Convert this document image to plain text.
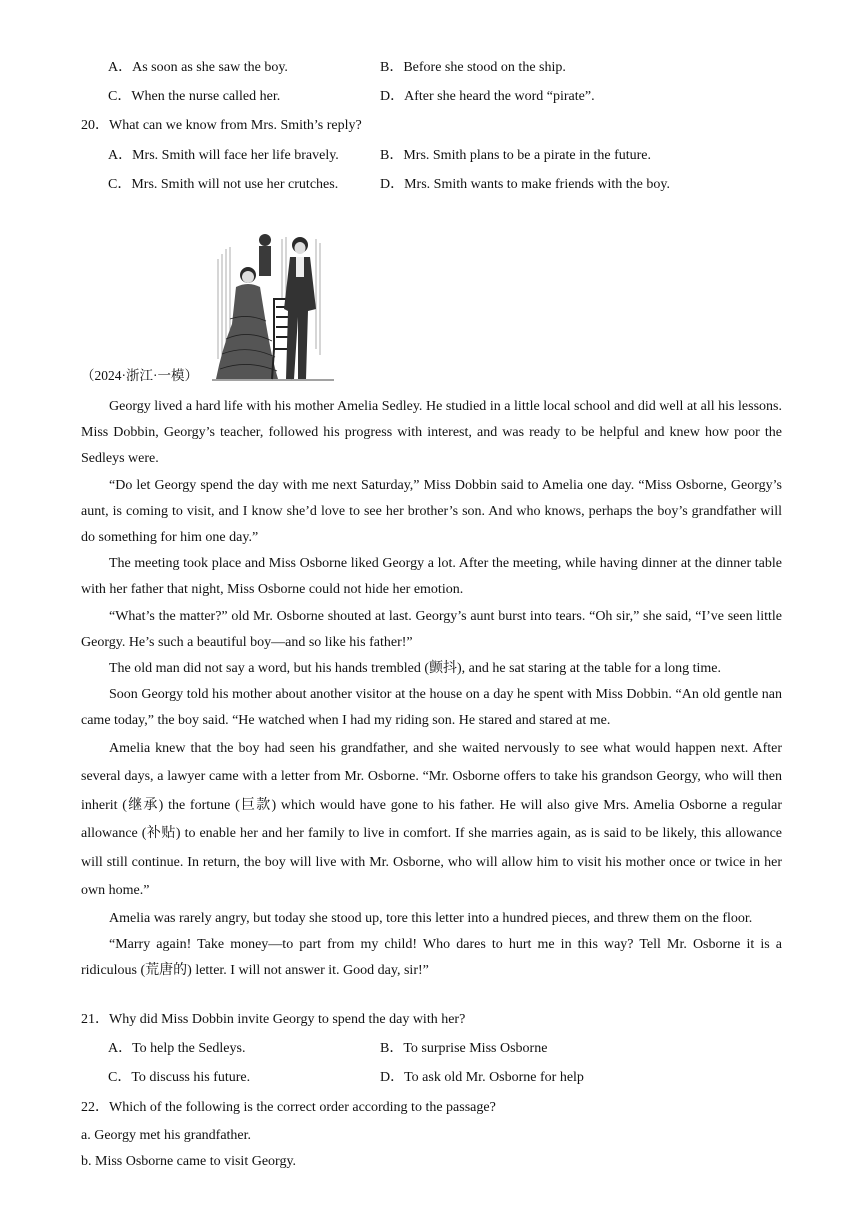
A．As soon as she saw the boy.	B．Before she stood on the ship.
C．When the nurse called her.	D．After she heard the word “pirate”.
20．What can we know from Mrs. Smith’s reply?
A．Mrs. Smith will face her life bravely.	B．Mrs. Smith plans to be a pirate in the future.
C．Mrs. Smith will not use her crutches.	D．Mrs. Smith wants to make friends with the boy.
（2024·浙江·一模）

Georgy lived a hard life with his mother Amelia Sedley. He studied in a little local school and did well at all his lessons. Miss Dobbin, Georgy’s teacher, followed his progress with interest, and was ready to be helpful and knew how poor the Sedleys were.

“Do let Georgy spend the day with me next Saturday,” Miss Dobbin said to Amelia one day. “Miss Osborne, Georgy’s aunt, is coming to visit, and I know she’d love to see her brother’s son. And who knows, perhaps the boy’s grandfather will do something for him one day.”

The meeting took place and Miss Osborne liked Georgy a lot. After the meeting, while having dinner at the dinner table with her father that night, Miss Osborne could not hide her emotion.

“What’s the matter?” old Mr. Osborne shouted at last. Georgy’s aunt burst into tears. “Oh sir,” she said, “I’ve seen little Georgy. He’s such a beautiful boy—and so like his father!”

The old man did not say a word, but his hands trembled (颤抖), and he sat staring at the table for a long time.

Soon Georgy told his mother about another visitor at the house on a day he spent with Miss Dobbin. “An old gentle nan came today,” the boy said. “He watched when I had my riding son. He stared and stared at me.

Amelia knew that the boy had seen his grandfather, and she waited nervously to see what would happen next. After several days, a lawyer came with a letter from Mr. Osborne. “Mr. Osborne offers to take his grandson Georgy, who will then inherit (继承) the fortune (巨款) which would have gone to his father. He will also give Mrs. Amelia Osborne a regular allowance (补贴) to enable her and her family to live in comfort. If she marries again, as is said to be likely, this allowance will still continue. In return, the boy will live with Mr. Osborne, who will allow him to visit his mother once or twice in her own home.”

Amelia was rarely angry, but today she stood up, tore this letter into a hundred pieces, and threw them on the floor.

“Marry again! Take money—to part from my child! Who dares to hurt me in this way? Tell Mr. Osborne it is a ridiculous (荒唐的) letter. I will not answer it. Good day, sir!”

21．Why did Miss Dobbin invite Georgy to spend the day with her?
A．To help the Sedleys.	B．To surprise Miss Osborne
C．To discuss his future.	D．To ask old Mr. Osborne for help
22．Which of the following is the correct order according to the passage?
a. Georgy met his grandfather.
b. Miss Osborne came to visit Georgy.
